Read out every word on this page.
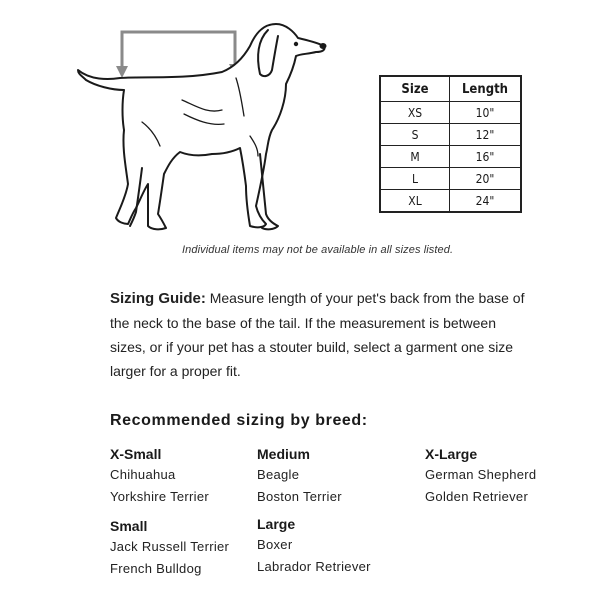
Size	Length
XS	10"
S	12"
M	16"
L	20"
XL	24"
Individual items may not be available in all sizes listed.
Sizing Guide: Measure length of your pet's back from the base of the neck to the base of the tail. If the measurement is between sizes, or if your pet has a stouter build, select a garment one size larger for a proper fit.
Recommended sizing by breed:
X-Small
Chihuahua
Yorkshire Terrier
Small
Jack Russell Terrier
French Bulldog
Medium
Beagle
Boston Terrier
Large
Boxer
Labrador Retriever
X-Large
German Shepherd
Golden Retriever
